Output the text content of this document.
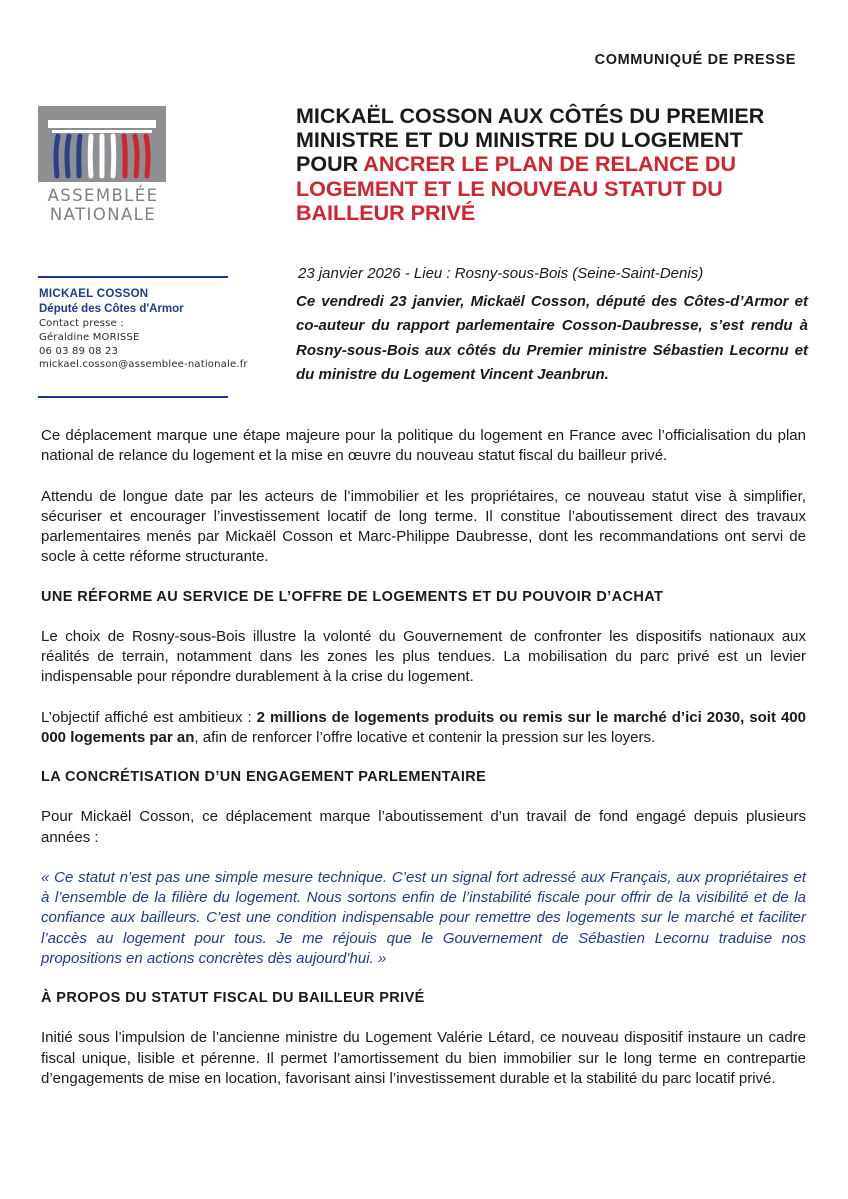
COMMUNIQUÉ DE PRESSE
ASSEMBLÉE
NATIONALE
MICKAEL COSSON
Député des Côtes d'Armor
Contact presse :
Géraldine MORISSE
06 03 89 08 23
mickael.cosson@assemblee-nationale.fr
MICKAËL COSSON AUX CÔTÉS DU PREMIER MINISTRE ET DU MINISTRE DU LOGEMENT POUR ANCRER LE PLAN DE RELANCE DU LOGEMENT ET LE NOUVEAU STATUT DU BAILLEUR PRIVÉ
23 janvier 2026 - Lieu : Rosny-sous-Bois (Seine-Saint-Denis)
Ce vendredi 23 janvier, Mickaël Cosson, député des Côtes-d’Armor et co-auteur du rapport parlementaire Cosson-Daubresse, s’est rendu à Rosny-sous-Bois aux côtés du Premier ministre Sébastien Lecornu et du ministre du Logement Vincent Jeanbrun.

Ce déplacement marque une étape majeure pour la politique du logement en France avec l’officialisation du plan national de relance du logement et la mise en œuvre du nouveau statut fiscal du bailleur privé.

Attendu de longue date par les acteurs de l’immobilier et les propriétaires, ce nouveau statut vise à simplifier, sécuriser et encourager l’investissement locatif de long terme. Il constitue l’aboutissement direct des travaux parlementaires menés par Mickaël Cosson et Marc-Philippe Daubresse, dont les recommandations ont servi de socle à cette réforme structurante.

UNE RÉFORME AU SERVICE DE L’OFFRE DE LOGEMENTS ET DU POUVOIR D’ACHAT

Le choix de Rosny-sous-Bois illustre la volonté du Gouvernement de confronter les dispositifs nationaux aux réalités de terrain, notamment dans les zones les plus tendues. La mobilisation du parc privé est un levier indispensable pour répondre durablement à la crise du logement.

L’objectif affiché est ambitieux : 2 millions de logements produits ou remis sur le marché d’ici 2030, soit 400 000 logements par an, afin de renforcer l’offre locative et contenir la pression sur les loyers.

LA CONCRÉTISATION D’UN ENGAGEMENT PARLEMENTAIRE

Pour Mickaël Cosson, ce déplacement marque l’aboutissement d’un travail de fond engagé depuis plusieurs années :

« Ce statut n’est pas une simple mesure technique. C’est un signal fort adressé aux Français, aux propriétaires et à l’ensemble de la filière du logement. Nous sortons enfin de l’instabilité fiscale pour offrir de la visibilité et de la confiance aux bailleurs. C’est une condition indispensable pour remettre des logements sur le marché et faciliter l’accès au logement pour tous. Je me réjouis que le Gouvernement de Sébastien Lecornu traduise nos propositions en actions concrètes dès aujourd’hui. »

À PROPOS DU STATUT FISCAL DU BAILLEUR PRIVÉ

Initié sous l’impulsion de l’ancienne ministre du Logement Valérie Létard, ce nouveau dispositif instaure un cadre fiscal unique, lisible et pérenne. Il permet l’amortissement du bien immobilier sur le long terme en contrepartie d’engagements de mise en location, favorisant ainsi l’investissement durable et la stabilité du parc locatif privé.
